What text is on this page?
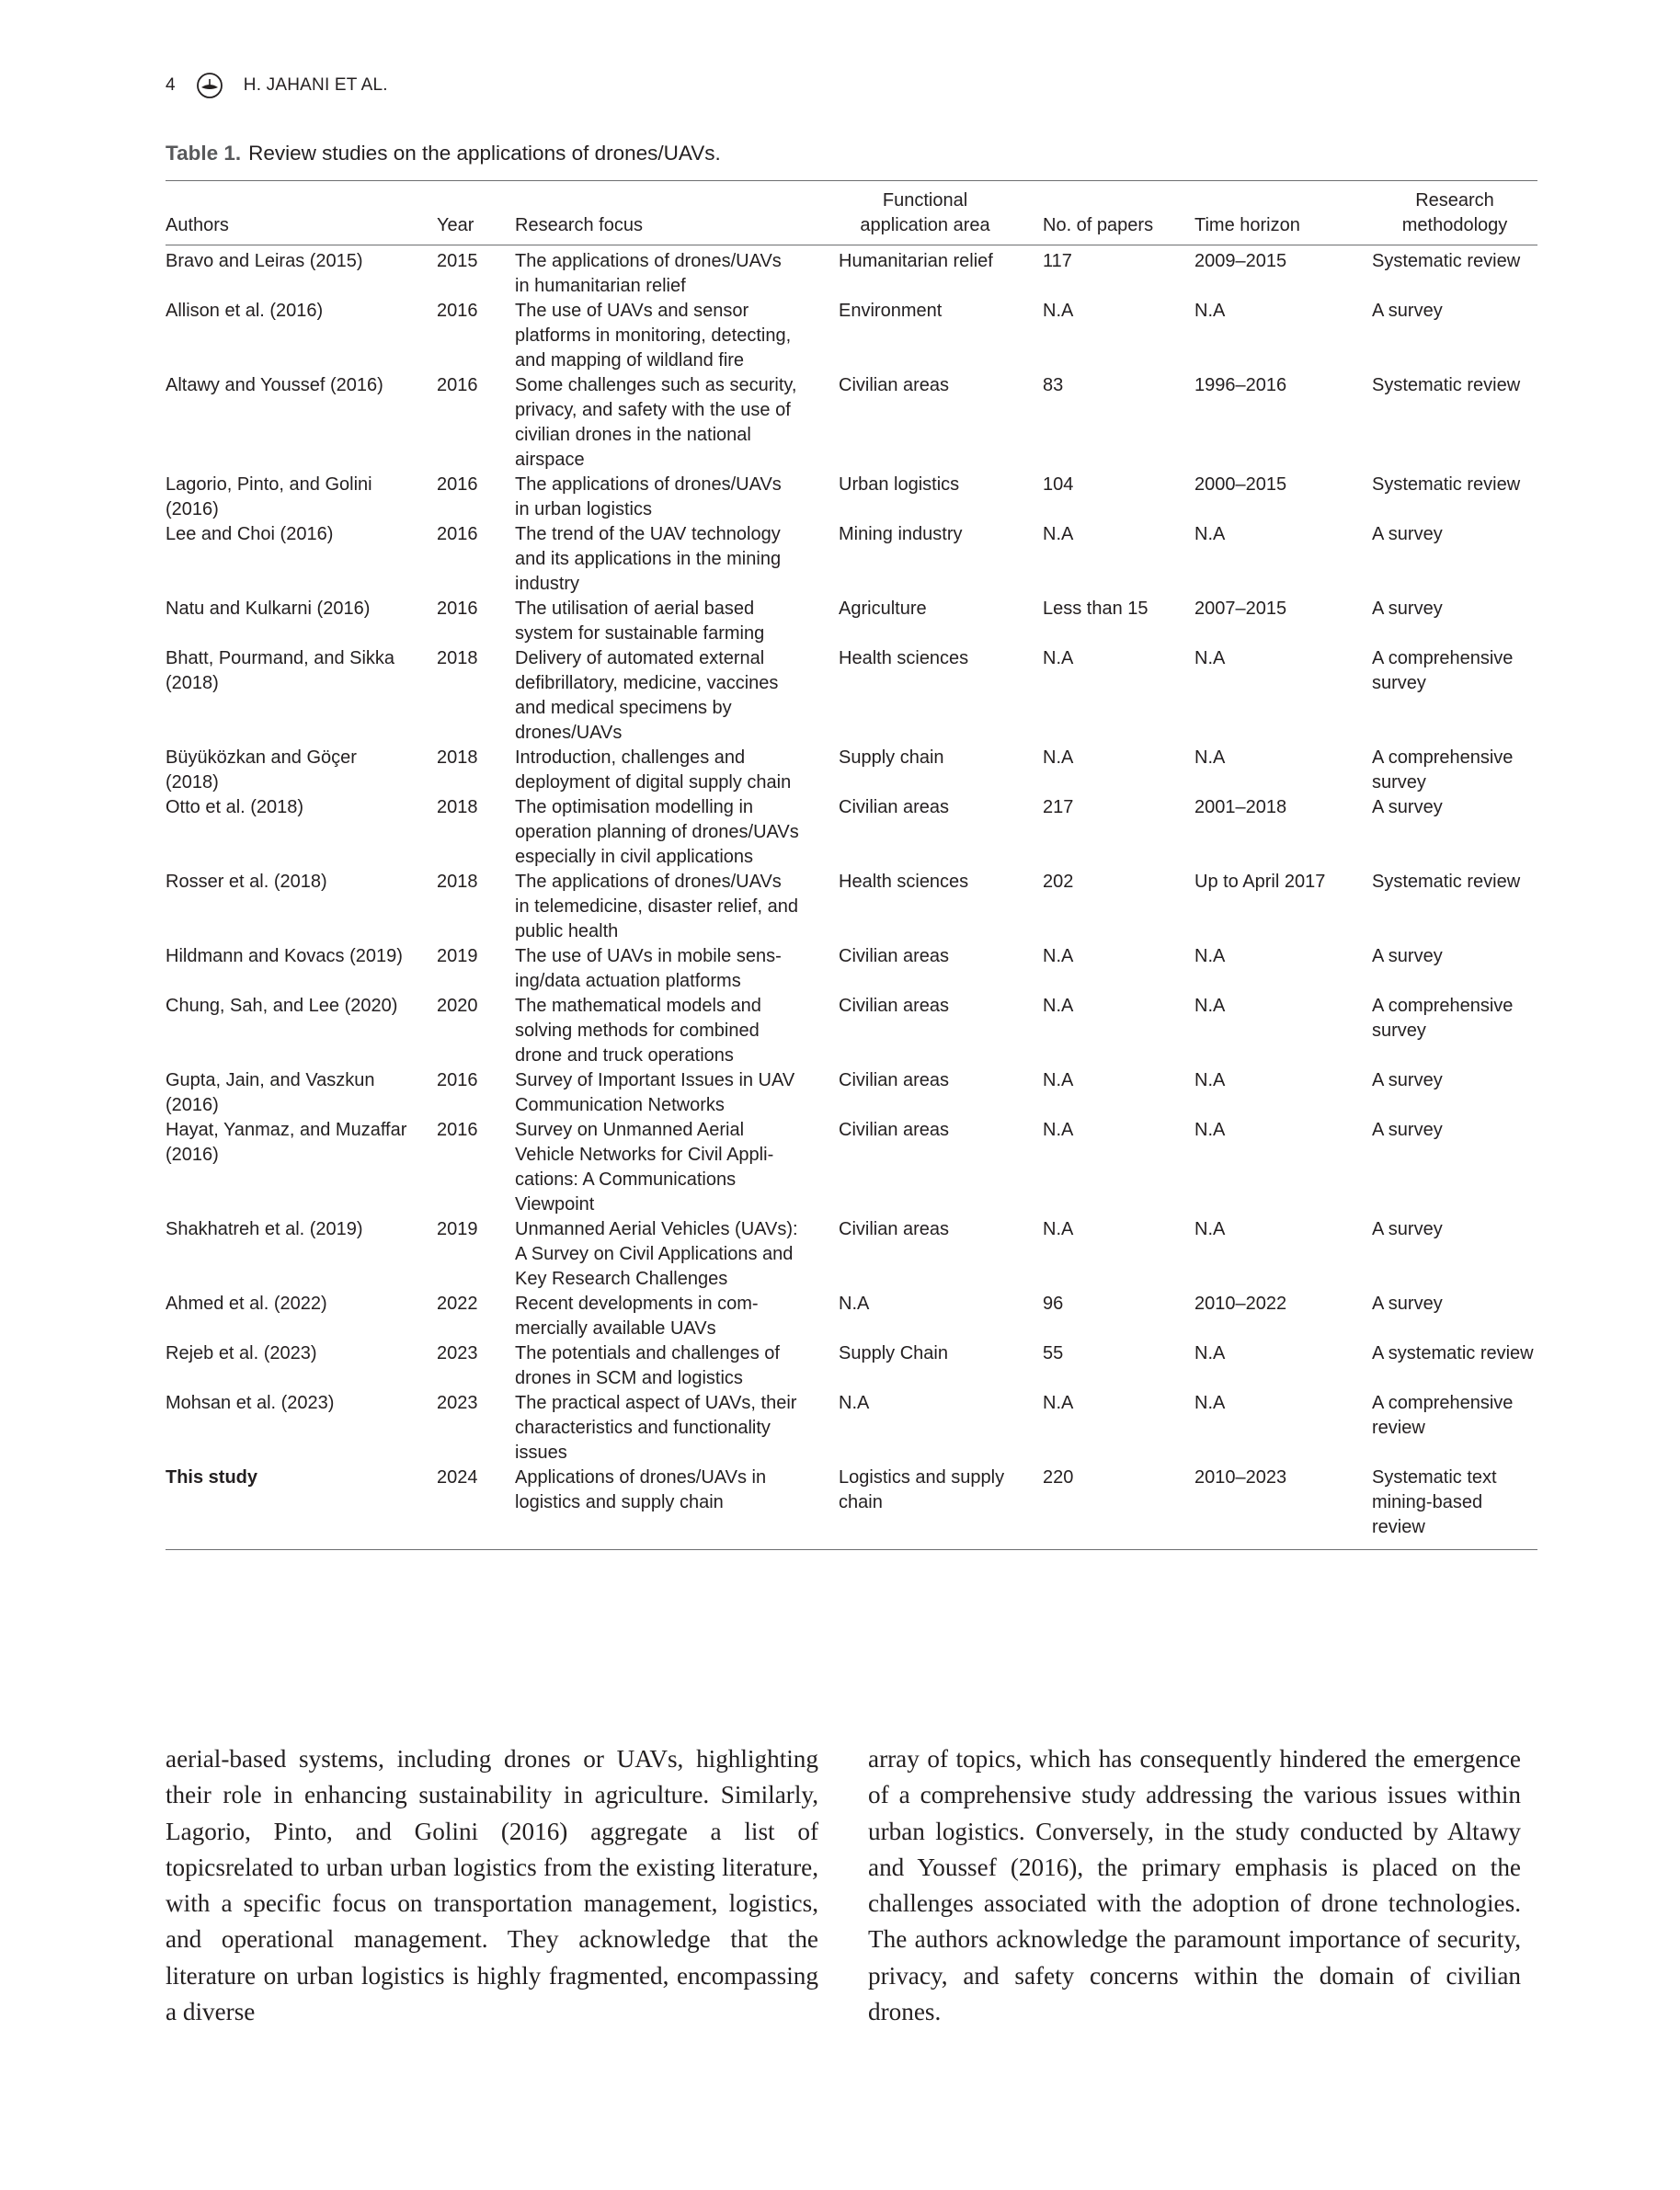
4	H. JAHANI ET AL.
Table 1. Review studies on the applications of drones/UAVs.
Authors	Year	Research focus	Functional application area	No. of papers	Time horizon	Research methodology
Bravo and Leiras (2015)	2015	The applications of drones/UAVs in humanitarian relief	Humanitarian relief	117	2009–2015	Systematic review
Allison et al. (2016)	2016	The use of UAVs and sensor platforms in monitoring, detecting, and mapping of wildland fire	Environment	N.A	N.A	A survey
Altawy and Youssef (2016)	2016	Some challenges such as security, privacy, and safety with the use of civilian drones in the national airspace	Civilian areas	83	1996–2016	Systematic review
Lagorio, Pinto, and Golini (2016)	2016	The applications of drones/UAVs in urban logistics	Urban logistics	104	2000–2015	Systematic review
Lee and Choi (2016)	2016	The trend of the UAV technology and its applications in the mining industry	Mining industry	N.A	N.A	A survey
Natu and Kulkarni (2016)	2016	The utilisation of aerial based system for sustainable farming	Agriculture	Less than 15	2007–2015	A survey
Bhatt, Pourmand, and Sikka (2018)	2018	Delivery of automated external defibrillatory, medicine, vaccines and medical specimens by drones/UAVs	Health sciences	N.A	N.A	A comprehensive survey
Büyüközkan and Göçer (2018)	2018	Introduction, challenges and deployment of digital supply chain	Supply chain	N.A	N.A	A comprehensive survey
Otto et al. (2018)	2018	The optimisation modelling in operation planning of drones/UAVs especially in civil applications	Civilian areas	217	2001–2018	A survey
Rosser et al. (2018)	2018	The applications of drones/UAVs in telemedicine, disaster relief, and public health	Health sciences	202	Up to April 2017	Systematic review
Hildmann and Kovacs (2019)	2019	The use of UAVs in mobile sensing/data actuation platforms	Civilian areas	N.A	N.A	A survey
Chung, Sah, and Lee (2020)	2020	The mathematical models and solving methods for combined drone and truck operations	Civilian areas	N.A	N.A	A comprehensive survey
Gupta, Jain, and Vaszkun (2016)	2016	Survey of Important Issues in UAV Communication Networks	Civilian areas	N.A	N.A	A survey
Hayat, Yanmaz, and Muzaffar (2016)	2016	Survey on Unmanned Aerial Vehicle Networks for Civil Applications: A Communications Viewpoint	Civilian areas	N.A	N.A	A survey
Shakhatreh et al. (2019)	2019	Unmanned Aerial Vehicles (UAVs): A Survey on Civil Applications and Key Research Challenges	Civilian areas	N.A	N.A	A survey
Ahmed et al. (2022)	2022	Recent developments in commercially available UAVs	N.A	96	2010–2022	A survey
Rejeb et al. (2023)	2023	The potentials and challenges of drones in SCM and logistics	Supply Chain	55	N.A	A systematic review
Mohsan et al. (2023)	2023	The practical aspect of UAVs, their characteristics and functionality issues	N.A	N.A	N.A	A comprehensive review
This study	2024	Applications of drones/UAVs in logistics and supply chain	Logistics and supply chain	220	2010–2023	Systematic text mining-based review
aerial-based systems, including drones or UAVs, highlighting their role in enhancing sustainability in agriculture. Similarly, Lagorio, Pinto, and Golini (2016) aggregate a list of topicsrelated to urban urban logistics from the existing literature, with a specific focus on transportation management, logistics, and operational management. They acknowledge that the literature on urban logistics is highly fragmented, encompassing a diverse
array of topics, which has consequently hindered the emergence of a comprehensive study addressing the various issues within urban logistics. Conversely, in the study conducted by Altawy and Youssef (2016), the primary emphasis is placed on the challenges associated with the adoption of drone technologies. The authors acknowledge the paramount importance of security, privacy, and safety concerns within the domain of civilian drones.
